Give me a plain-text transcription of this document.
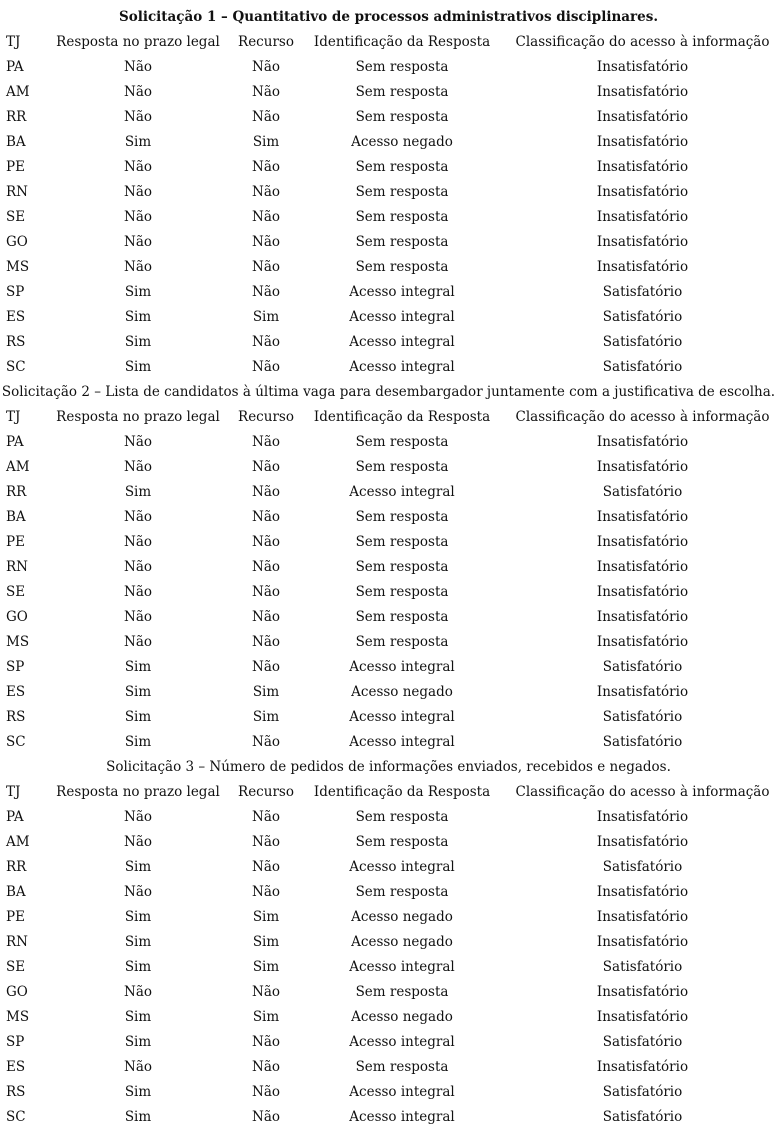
Solicitação 1 – Quantitativo de processos administrativos disciplinares.
TJ	Resposta no prazo legal	Recurso	Identificação da Resposta	Classificação do acesso à informação
PA	Não	Não	Sem resposta	Insatisfatório
AM	Não	Não	Sem resposta	Insatisfatório
RR	Não	Não	Sem resposta	Insatisfatório
BA	Sim	Sim	Acesso negado	Insatisfatório
PE	Não	Não	Sem resposta	Insatisfatório
RN	Não	Não	Sem resposta	Insatisfatório
SE	Não	Não	Sem resposta	Insatisfatório
GO	Não	Não	Sem resposta	Insatisfatório
MS	Não	Não	Sem resposta	Insatisfatório
SP	Sim	Não	Acesso integral	Satisfatório
ES	Sim	Sim	Acesso integral	Satisfatório
RS	Sim	Não	Acesso integral	Satisfatório
SC	Sim	Não	Acesso integral	Satisfatório
Solicitação 2 – Lista de candidatos à última vaga para desembargador juntamente com a justificativa de escolha.
TJ	Resposta no prazo legal	Recurso	Identificação da Resposta	Classificação do acesso à informação
PA	Não	Não	Sem resposta	Insatisfatório
AM	Não	Não	Sem resposta	Insatisfatório
RR	Sim	Não	Acesso integral	Satisfatório
BA	Não	Não	Sem resposta	Insatisfatório
PE	Não	Não	Sem resposta	Insatisfatório
RN	Não	Não	Sem resposta	Insatisfatório
SE	Não	Não	Sem resposta	Insatisfatório
GO	Não	Não	Sem resposta	Insatisfatório
MS	Não	Não	Sem resposta	Insatisfatório
SP	Sim	Não	Acesso integral	Satisfatório
ES	Sim	Sim	Acesso negado	Insatisfatório
RS	Sim	Sim	Acesso integral	Satisfatório
SC	Sim	Não	Acesso integral	Satisfatório
Solicitação 3 – Número de pedidos de informações enviados, recebidos e negados.
TJ	Resposta no prazo legal	Recurso	Identificação da Resposta	Classificação do acesso à informação
PA	Não	Não	Sem resposta	Insatisfatório
AM	Não	Não	Sem resposta	Insatisfatório
RR	Sim	Não	Acesso integral	Satisfatório
BA	Não	Não	Sem resposta	Insatisfatório
PE	Sim	Sim	Acesso negado	Insatisfatório
RN	Sim	Sim	Acesso negado	Insatisfatório
SE	Sim	Sim	Acesso integral	Satisfatório
GO	Não	Não	Sem resposta	Insatisfatório
MS	Sim	Sim	Acesso negado	Insatisfatório
SP	Sim	Não	Acesso integral	Satisfatório
ES	Não	Não	Sem resposta	Insatisfatório
RS	Sim	Não	Acesso integral	Satisfatório
SC	Sim	Não	Acesso integral	Satisfatório
